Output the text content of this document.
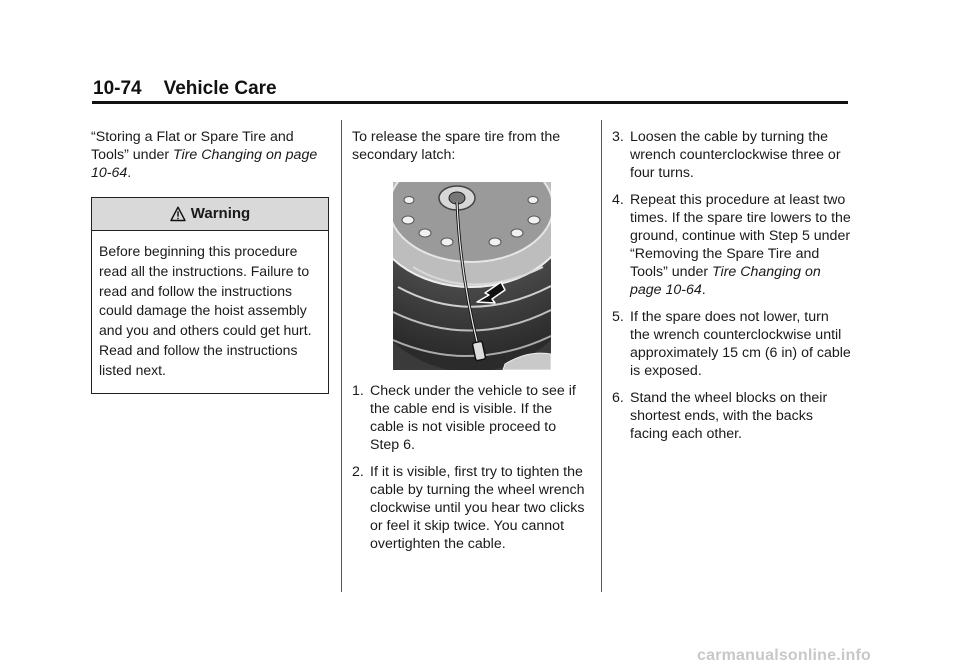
10-74 Vehicle Care

“Storing a Flat or Spare Tire and Tools” under Tire Changing on page 10-64.

Warning
Before beginning this procedure read all the instructions. Failure to read and follow the instructions could damage the hoist assembly and you and others could get hurt. Read and follow the instructions listed next.

To release the spare tire from the secondary latch:

1. Check under the vehicle to see if the cable end is visible. If the cable is not visible proceed to Step 6.
2. If it is visible, first try to tighten the cable by turning the wheel wrench clockwise until you hear two clicks or feel it skip twice. You cannot overtighten the cable.
3. Loosen the cable by turning the wrench counterclockwise three or four turns.
4. Repeat this procedure at least two times. If the spare tire lowers to the ground, continue with Step 5 under “Removing the Spare Tire and Tools” under Tire Changing on page 10-64.
5. If the spare does not lower, turn the wrench counterclockwise until approximately 15 cm (6 in) of cable is exposed.
6. Stand the wheel blocks on their shortest ends, with the backs facing each other.
carmanualsonline.info
